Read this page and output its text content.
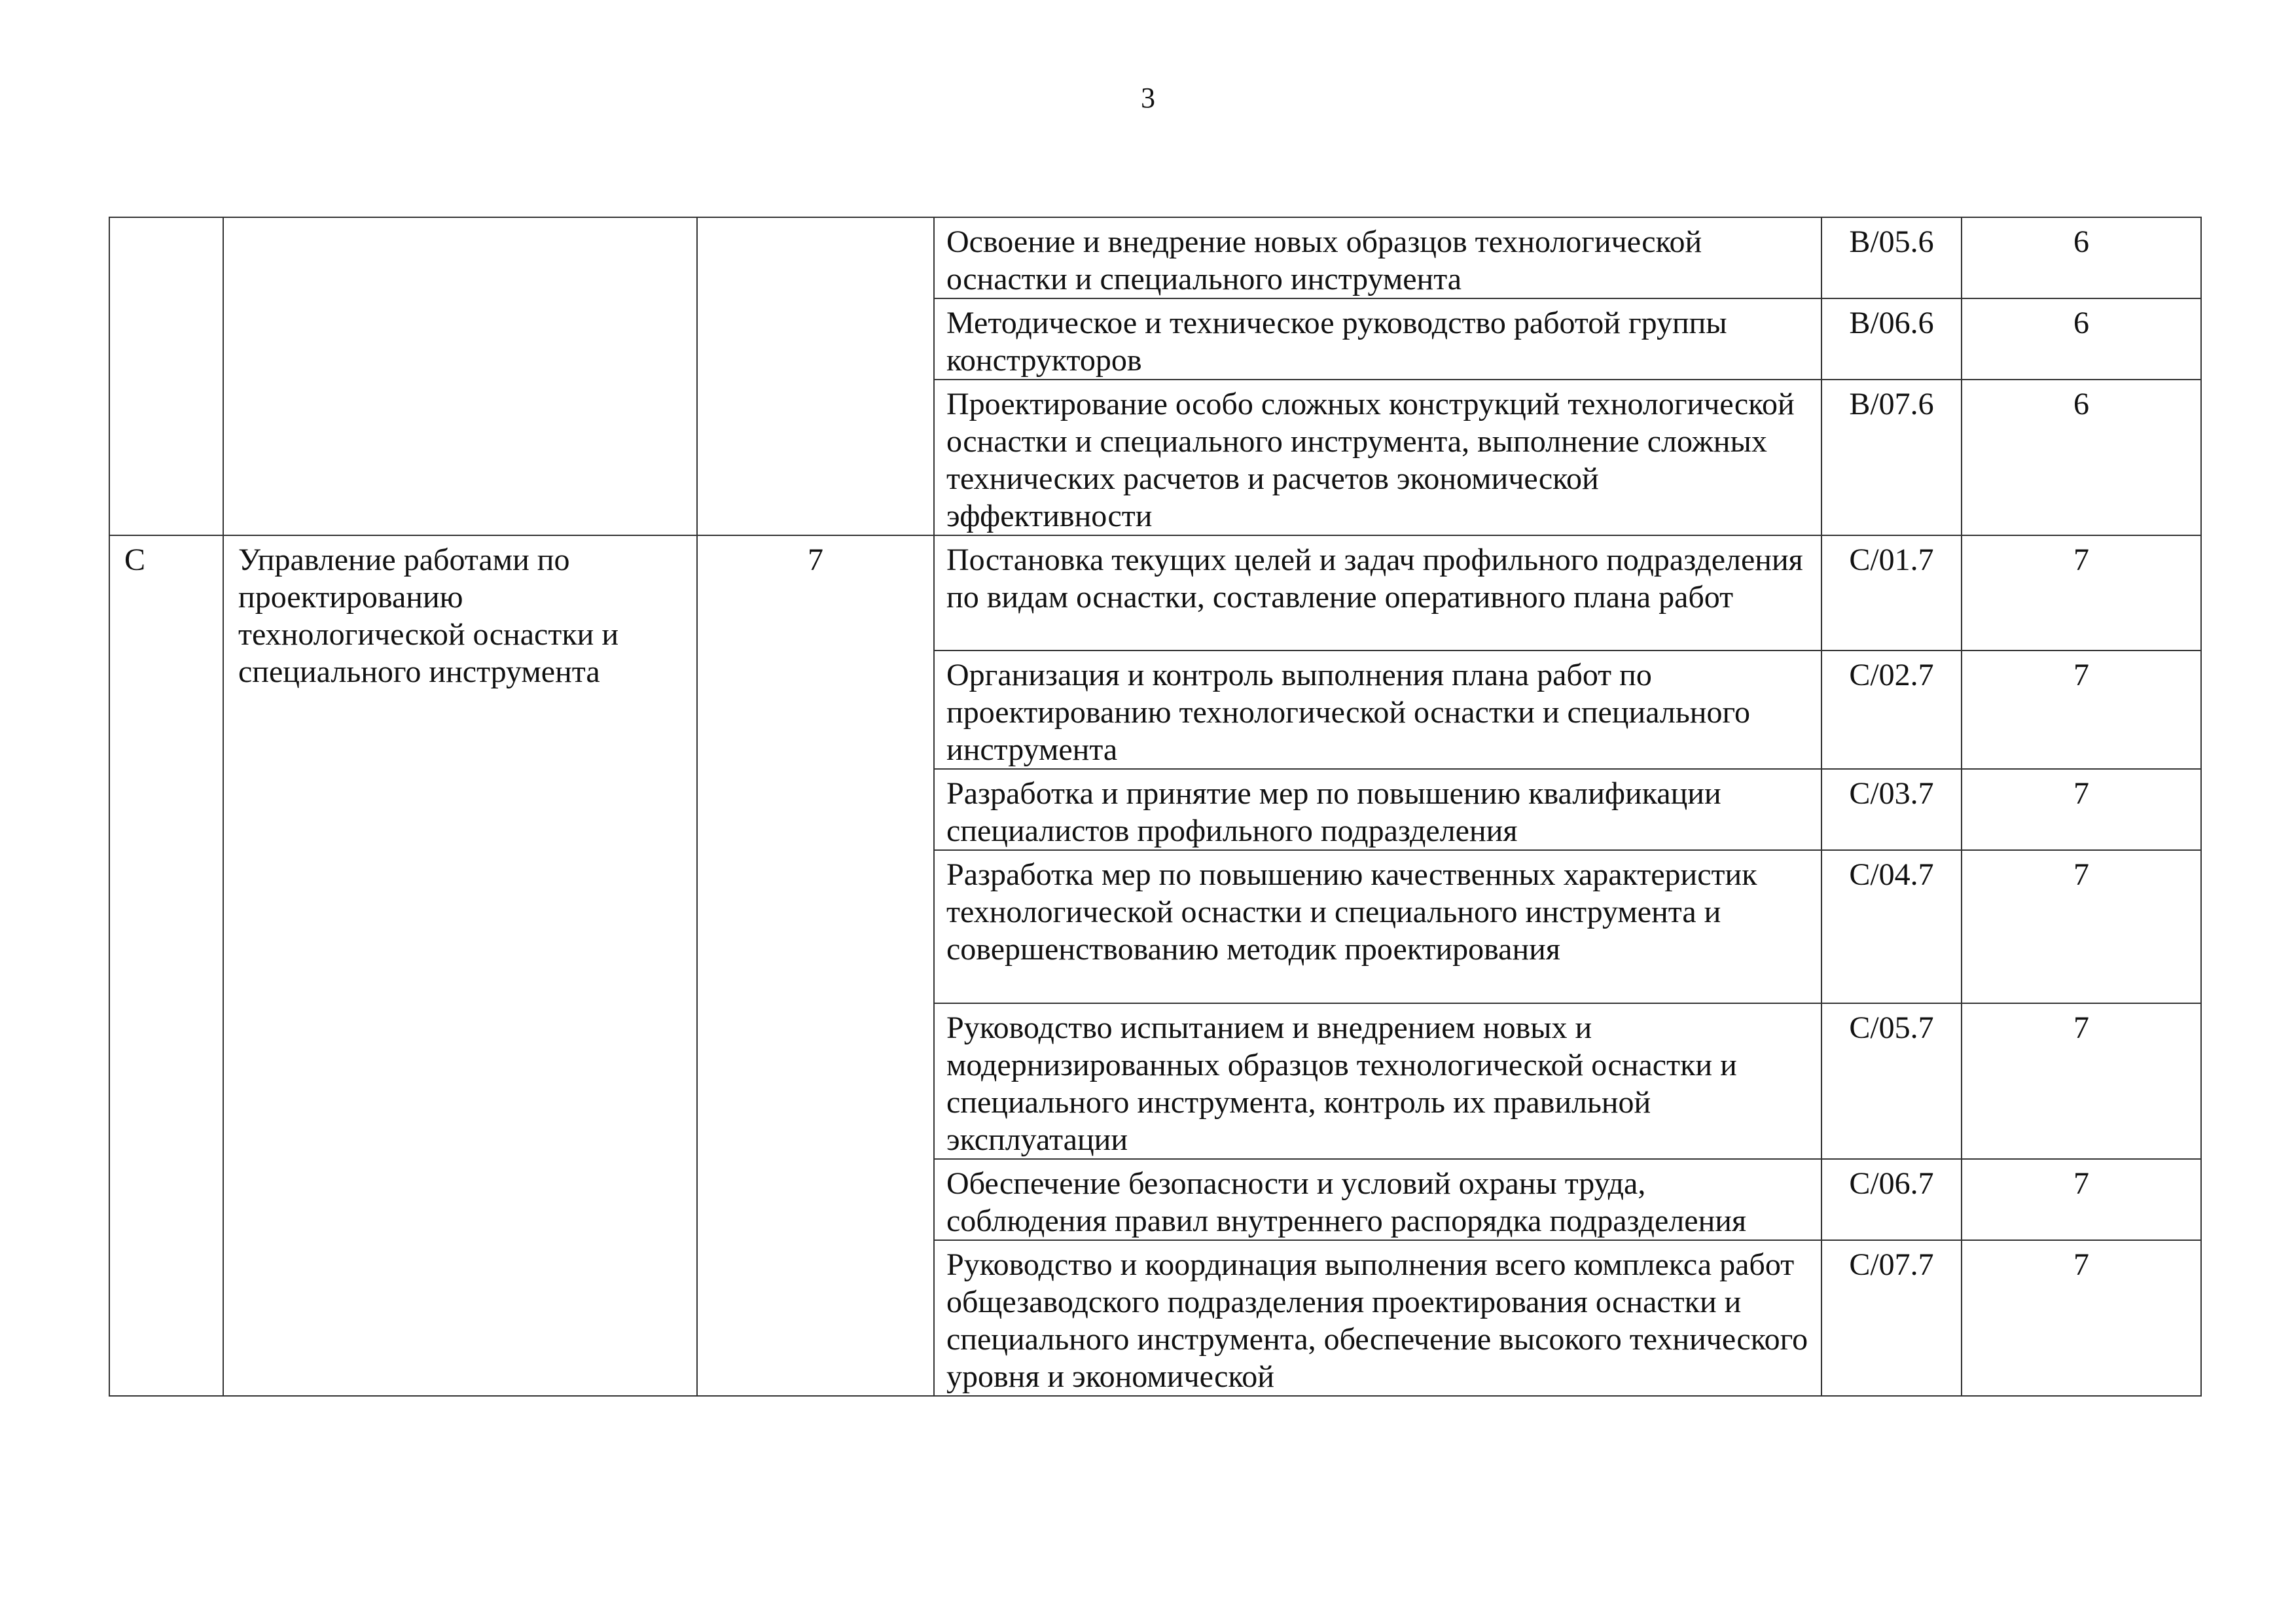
3
			Освоение и внедрение новых образцов технологической оснастки и специального инструмента	B/05.6	6
			Методическое и техническое руководство работой группы конструкторов	B/06.6	6
			Проектирование особо сложных конструкций технологической оснастки и специального инструмента, выполнение сложных технических расчетов и расчетов экономической эффективности	B/07.6	6
C	Управление работами по проектированию технологической оснастки и специального инструмента	7	Постановка текущих целей и задач профильного подразделения по видам оснастки, составление оперативного плана работ	C/01.7	7
			Организация и контроль выполнения плана работ по проектированию технологической оснастки и специального инструмента	C/02.7	7
			Разработка и принятие мер по повышению квалификации специалистов профильного подразделения	C/03.7	7
			Разработка мер по повышению качественных характеристик технологической оснастки и специального инструмента и совершенствованию методик проектирования	C/04.7	7
			Руководство испытанием и внедрением новых и модернизированных образцов технологической оснастки и специального инструмента, контроль их правильной эксплуатации	C/05.7	7
			Обеспечение безопасности и условий охраны труда, соблюдения правил внутреннего распорядка подразделения	C/06.7	7
			Руководство и координация выполнения всего комплекса работ общезаводского подразделения проектирования оснастки и специального инструмента, обеспечение высокого технического уровня и экономической	C/07.7	7
